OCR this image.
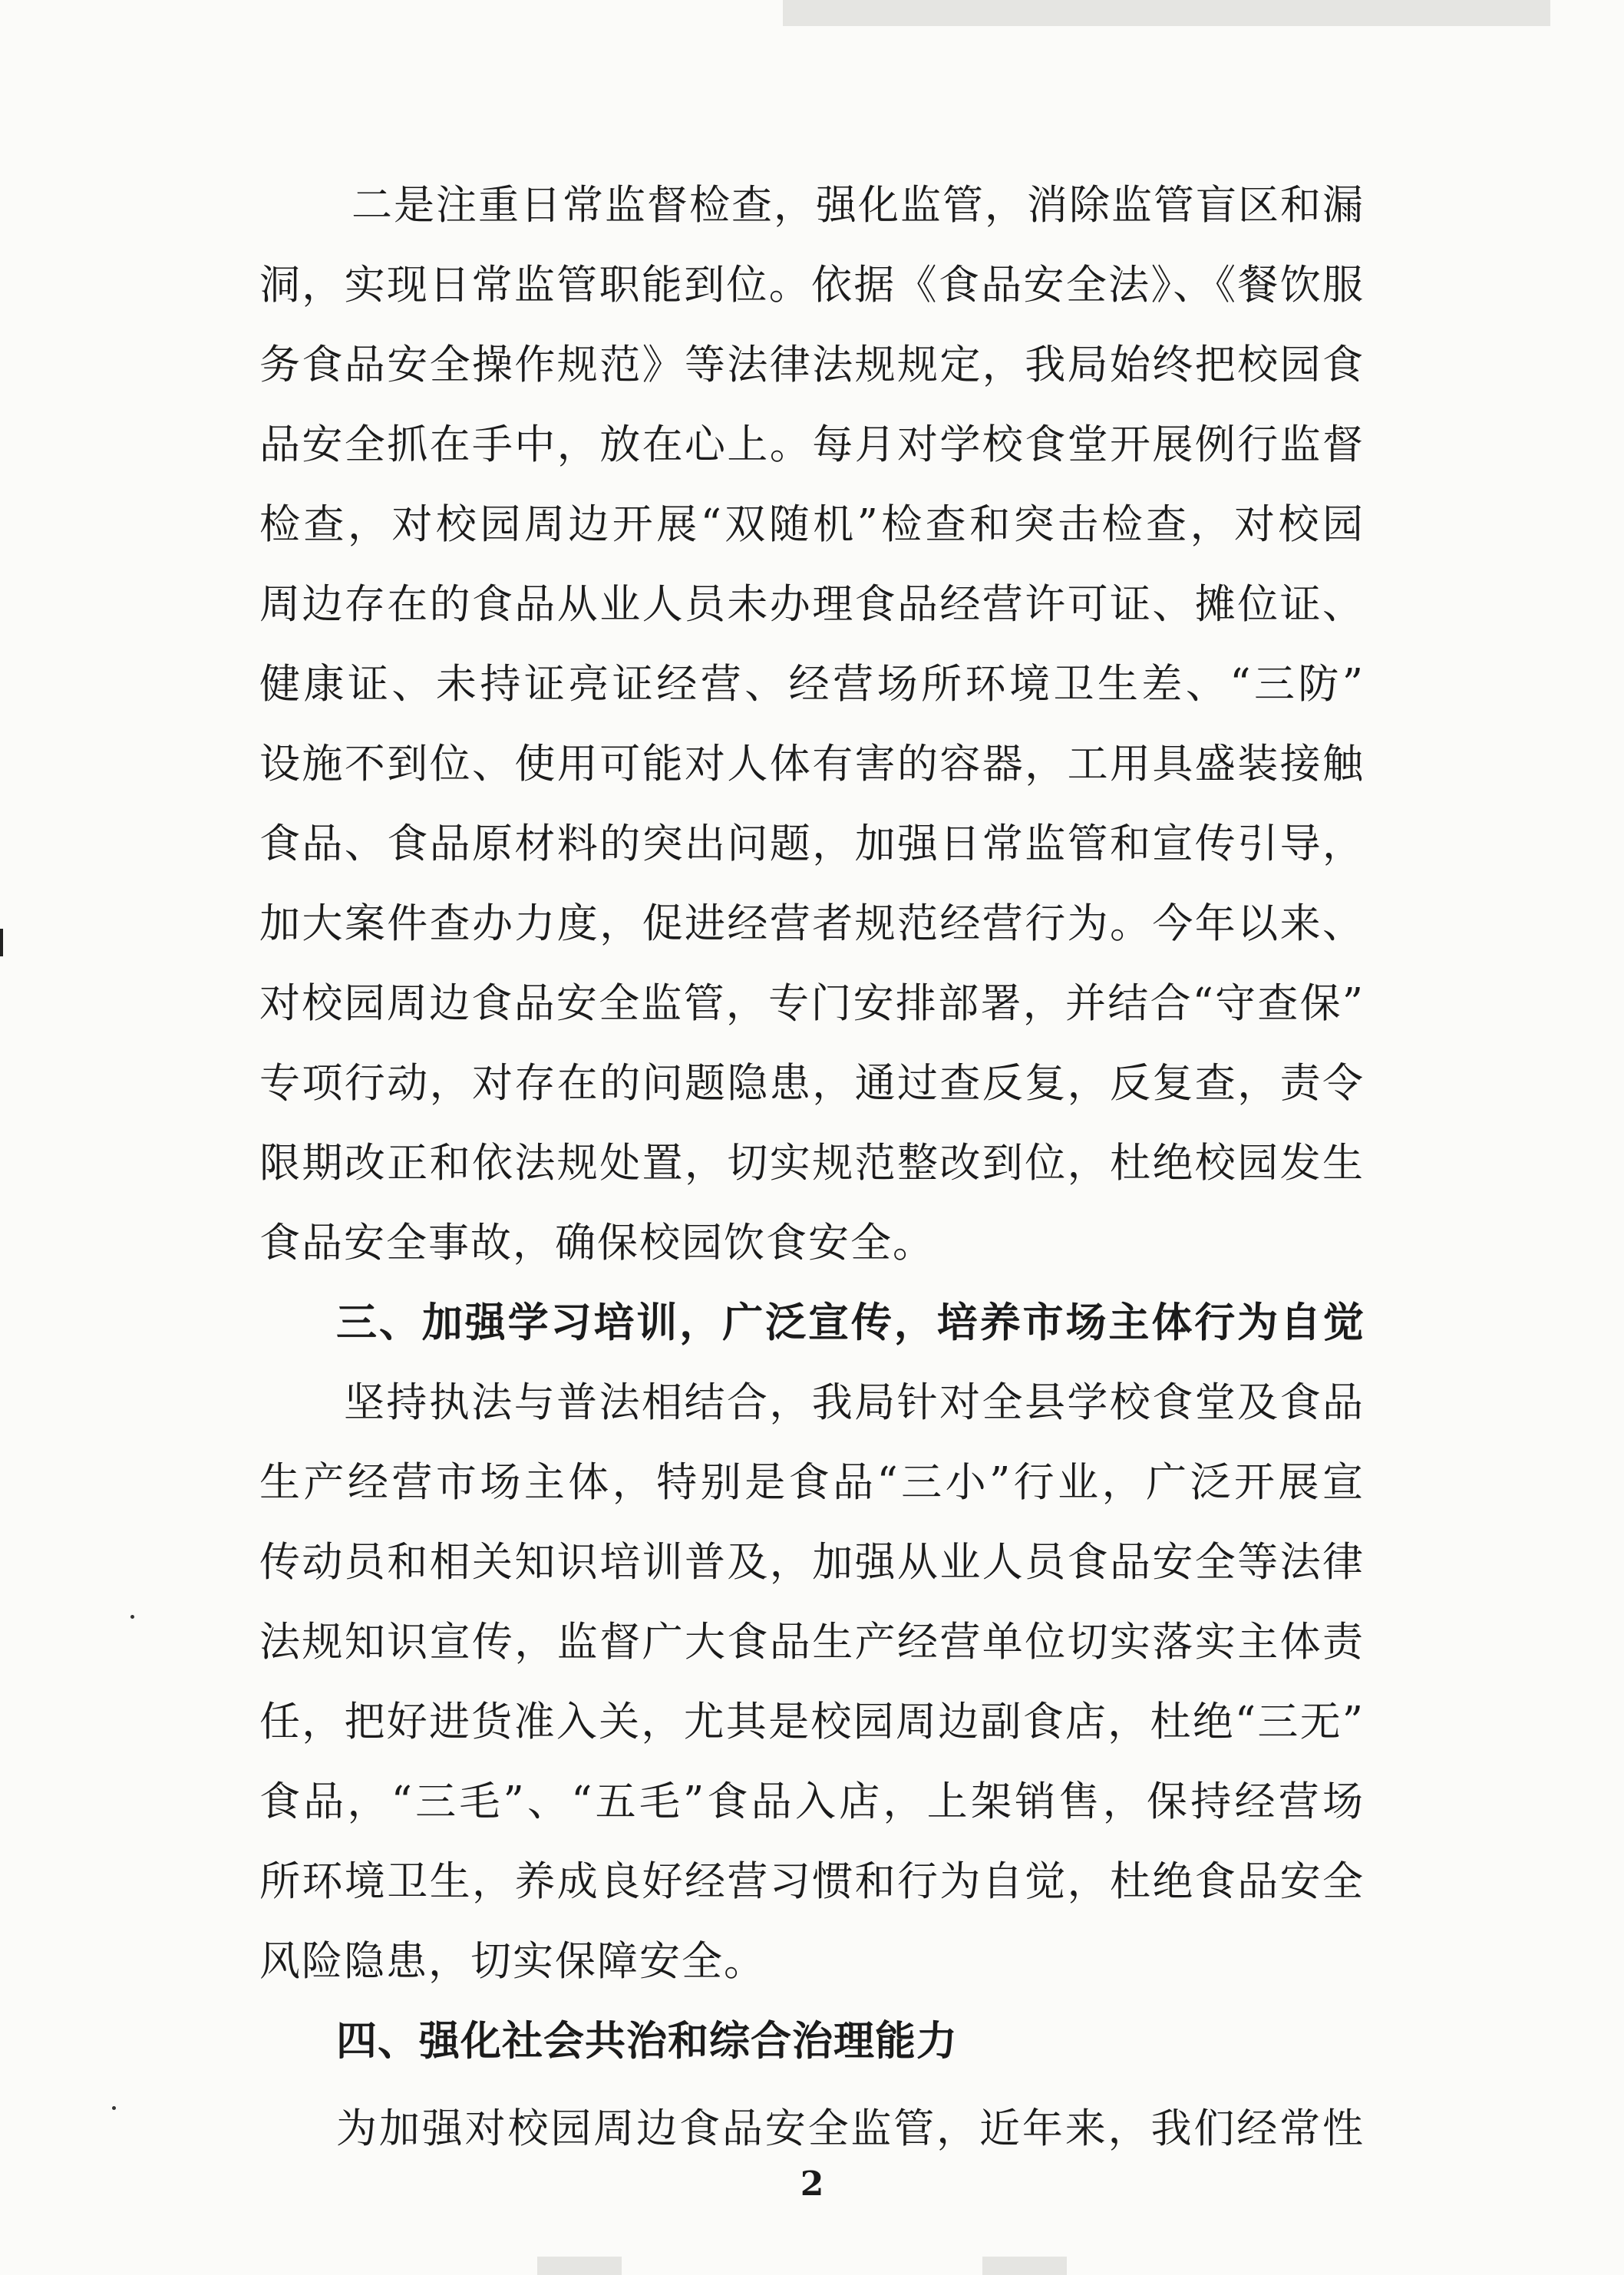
二是注重日常监督检查，强化监管，消除监管盲区和漏
洞，实现日常监管职能到位。依据《食品安全法》、《餐饮服
务食品安全操作规范》等法律法规规定，我局始终把校园食
品安全抓在手中，放在心上。每月对学校食堂开展例行监督
检查，对校园周边开展“双随机”检查和突击检查，对校园
周边存在的食品从业人员未办理食品经营许可证、摊位证、
健康证、未持证亮证经营、经营场所环境卫生差、“三防”
设施不到位、使用可能对人体有害的容器，工用具盛装接触
食品、食品原材料的突出问题，加强日常监管和宣传引导，
加大案件查办力度，促进经营者规范经营行为。今年以来、
对校园周边食品安全监管，专门安排部署，并结合“守查保”
专项行动，对存在的问题隐患，通过查反复，反复查，责令
限期改正和依法规处置，切实规范整改到位，杜绝校园发生
食品安全事故，确保校园饮食安全。
三、加强学习培训，广泛宣传，培养市场主体行为自觉
坚持执法与普法相结合，我局针对全县学校食堂及食品
生产经营市场主体，特别是食品“三小”行业，广泛开展宣
传动员和相关知识培训普及，加强从业人员食品安全等法律
法规知识宣传，监督广大食品生产经营单位切实落实主体责
任，把好进货准入关，尤其是校园周边副食店，杜绝“三无”
食品，“三毛”、“五毛”食品入店，上架销售，保持经营场
所环境卫生，养成良好经营习惯和行为自觉，杜绝食品安全
风险隐患，切实保障安全。
四、强化社会共治和综合治理能力
为加强对校园周边食品安全监管，近年来，我们经常性
2
